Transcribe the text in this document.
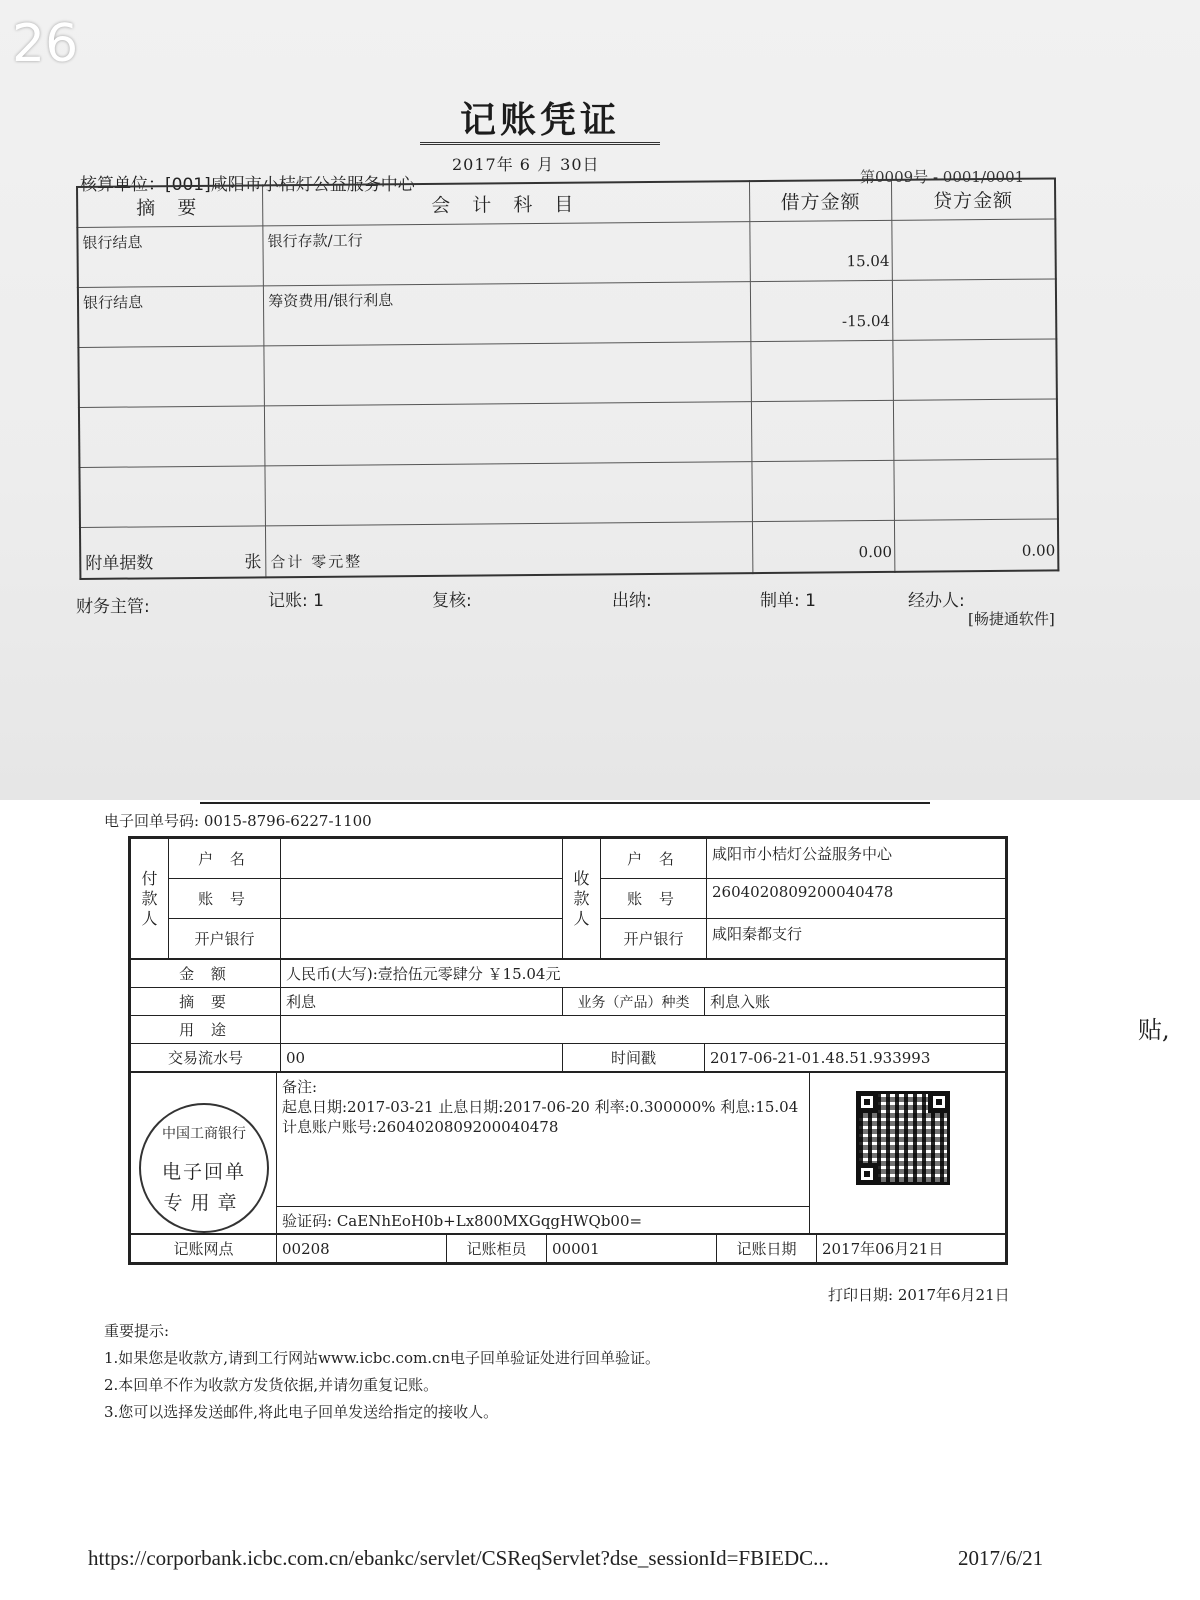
26
记账凭证
2017年 6 月 30日
核算单位：[001]咸阳市小桔灯公益服务中心	第0009号 - 0001/0001
摘 要	会 计 科 目	借方金额	贷方金额
银行结息	银行存款/工行	15.04	
银行结息	筹资费用/银行利息	-15.04	

附单据数 张	合计 零元整	0.00	0.00
财务主管:	记账: 1	复核:	出纳:	制单: 1	经办人:
[畅捷通软件]
电子回单号码: 0015-8796-6227-1100
付款人	户 名		收款人	户 名	咸阳市小桔灯公益服务中心
	账 号			账 号	2604020809200040478
	开户银行			开户银行	咸阳秦都支行
金 额	人民币(大写):壹拾伍元零肆分 ￥15.04元		
摘 要	利息	业务（产品）种类	利息入账
用 途			
交易流水号	00	时间戳	2017-06-21-01.48.51.933993
中国工商银行
电子回单
专用章
备注:
起息日期:2017-03-21 止息日期:2017-06-20 利率:0.300000% 利息:15.04 计息账户账号:2604020809200040478
验证码: CaENhEoH0b+Lx800MXGqgHWQb00=
记账网点	00208	记账柜员	00001	记账日期	2017年06月21日
打印日期: 2017年6月21日
重要提示:
1.如果您是收款方,请到工行网站www.icbc.com.cn电子回单验证处进行回单验证。
2.本回单不作为收款方发货依据,并请勿重复记账。
3.您可以选择发送邮件,将此电子回单发送给指定的接收人。
贴,
https://corporbank.icbc.com.cn/ebankc/servlet/CSReqServlet?dse_sessionId=FBIEDC...	2017/6/21
